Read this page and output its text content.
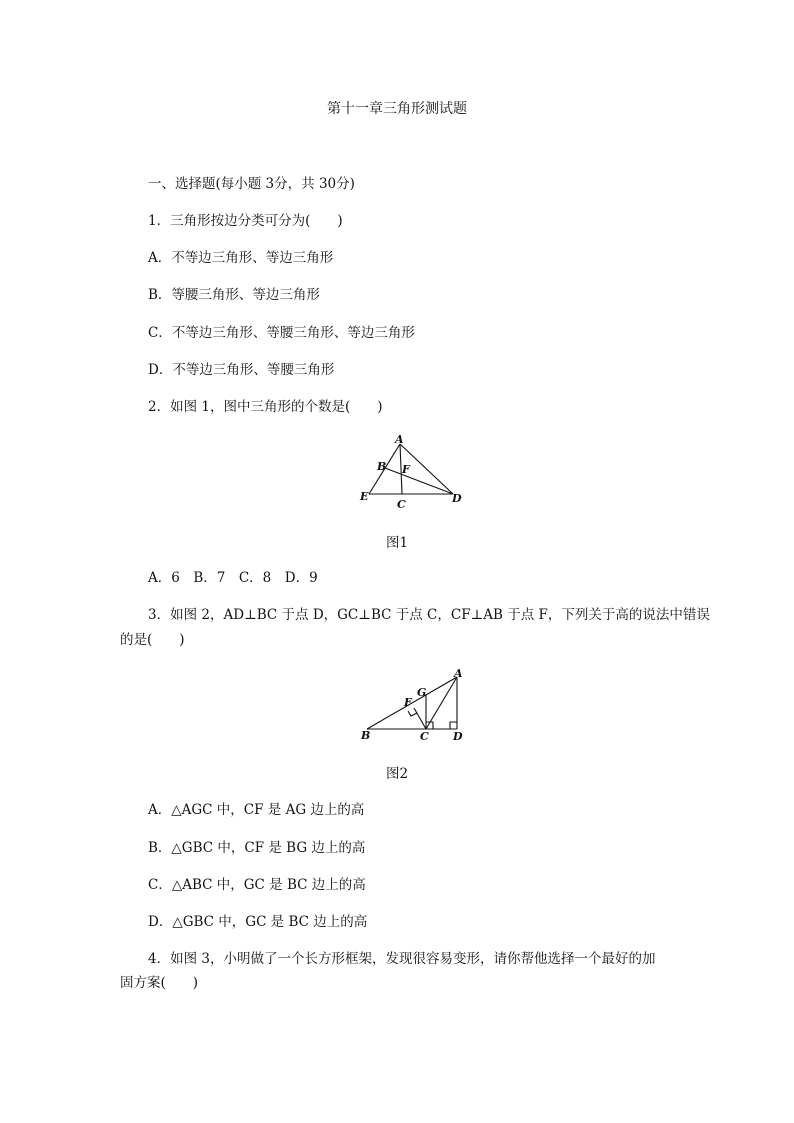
第十一章三角形测试题
一、选择题(每小题 3分，共 30分)
1．三角形按边分类可分为(　　)
A．不等边三角形、等边三角形
B．等腰三角形、等边三角形
C．不等边三角形、等腰三角形、等边三角形
D．不等边三角形、等腰三角形
2．如图 1，图中三角形的个数是(　　)
A
B F
E
C	D
图1
A．6　B．7　C．8　D．9
3．如图 2，AD⊥BC 于点 D，GC⊥BC 于点 C，CF⊥AB 于点 F，下列关于高的说法中错误
的是(　　)
A
G
F
B	C D
图2
A．△AGC 中，CF 是 AG 边上的高
B．△GBC 中，CF 是 BG 边上的高
C．△ABC 中，GC 是 BC 边上的高
D．△GBC 中，GC 是 BC 边上的高
4．如图 3，小明做了一个长方形框架，发现很容易变形，请你帮他选择一个最好的加
固方案(　　)
